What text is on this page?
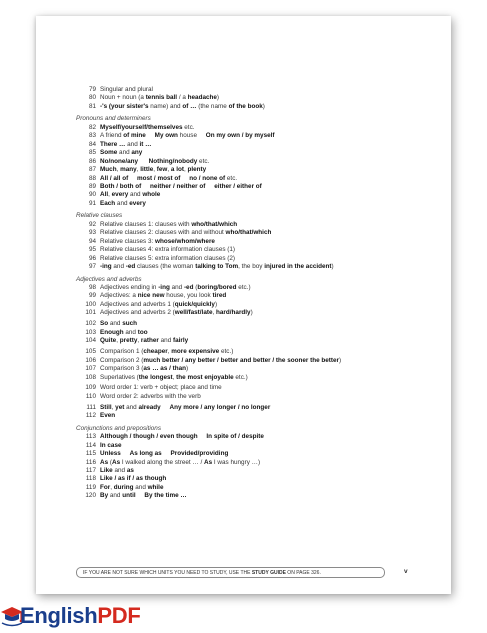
79 Singular and plural
80 Noun + noun (a tennis ball / a headache)
81 -'s (your sister's name) and of … (the name of the book)
Pronouns and determiners
82 Myself/yourself/themselves etc.
83 A friend of mine My own house     On my own / by myself
84 There … and it …
85 Some and any
86 No/none/any Nothing/nobody etc.
87 Much, many, little, few, a lot, plenty
88 All / all of most / most of no / none of etc.
89 Both / both of neither / neither of either / either of
90 All, every and whole
91 Each and every
Relative clauses
92 Relative clauses 1: clauses with who/that/which
93 Relative clauses 2: clauses with and without who/that/which
94 Relative clauses 3: whose/whom/where
95 Relative clauses 4: extra information clauses (1)
96 Relative clauses 5: extra information clauses (2)
97 -ing and -ed clauses (the woman talking to Tom, the boy injured in the accident)
Adjectives and adverbs
98 Adjectives ending in -ing and -ed (boring/bored etc.)
99 Adjectives: a nice new house, you look tired
100 Adjectives and adverbs 1 (quick/quickly)
101 Adjectives and adverbs 2 (well/fast/late, hard/hardly)
102 So and such
103 Enough and too
104 Quite, pretty, rather and fairly
105 Comparison 1 (cheaper, more expensive etc.)
106 Comparison 2 (much better / any better / better and better / the sooner the better)
107 Comparison 3 (as … as / than)
108 Superlatives (the longest, the most enjoyable etc.)
109 Word order 1: verb + object; place and time
110 Word order 2: adverbs with the verb
111 Still, yet and already Any more / any longer / no longer
112 Even
Conjunctions and prepositions
113 Although / though / even though In spite of / despite
114 In case
115 Unless As long as Provided/providing
116 As (As I walked along the street … / As I was hungry …)
117 Like and as
118 Like / as if / as though
119 For, during and while
120 By and until By the time …
IF YOU ARE NOT SURE WHICH UNITS YOU NEED TO STUDY, USE THE STUDY GUIDE ON PAGE 326.	v
EnglishPDF
